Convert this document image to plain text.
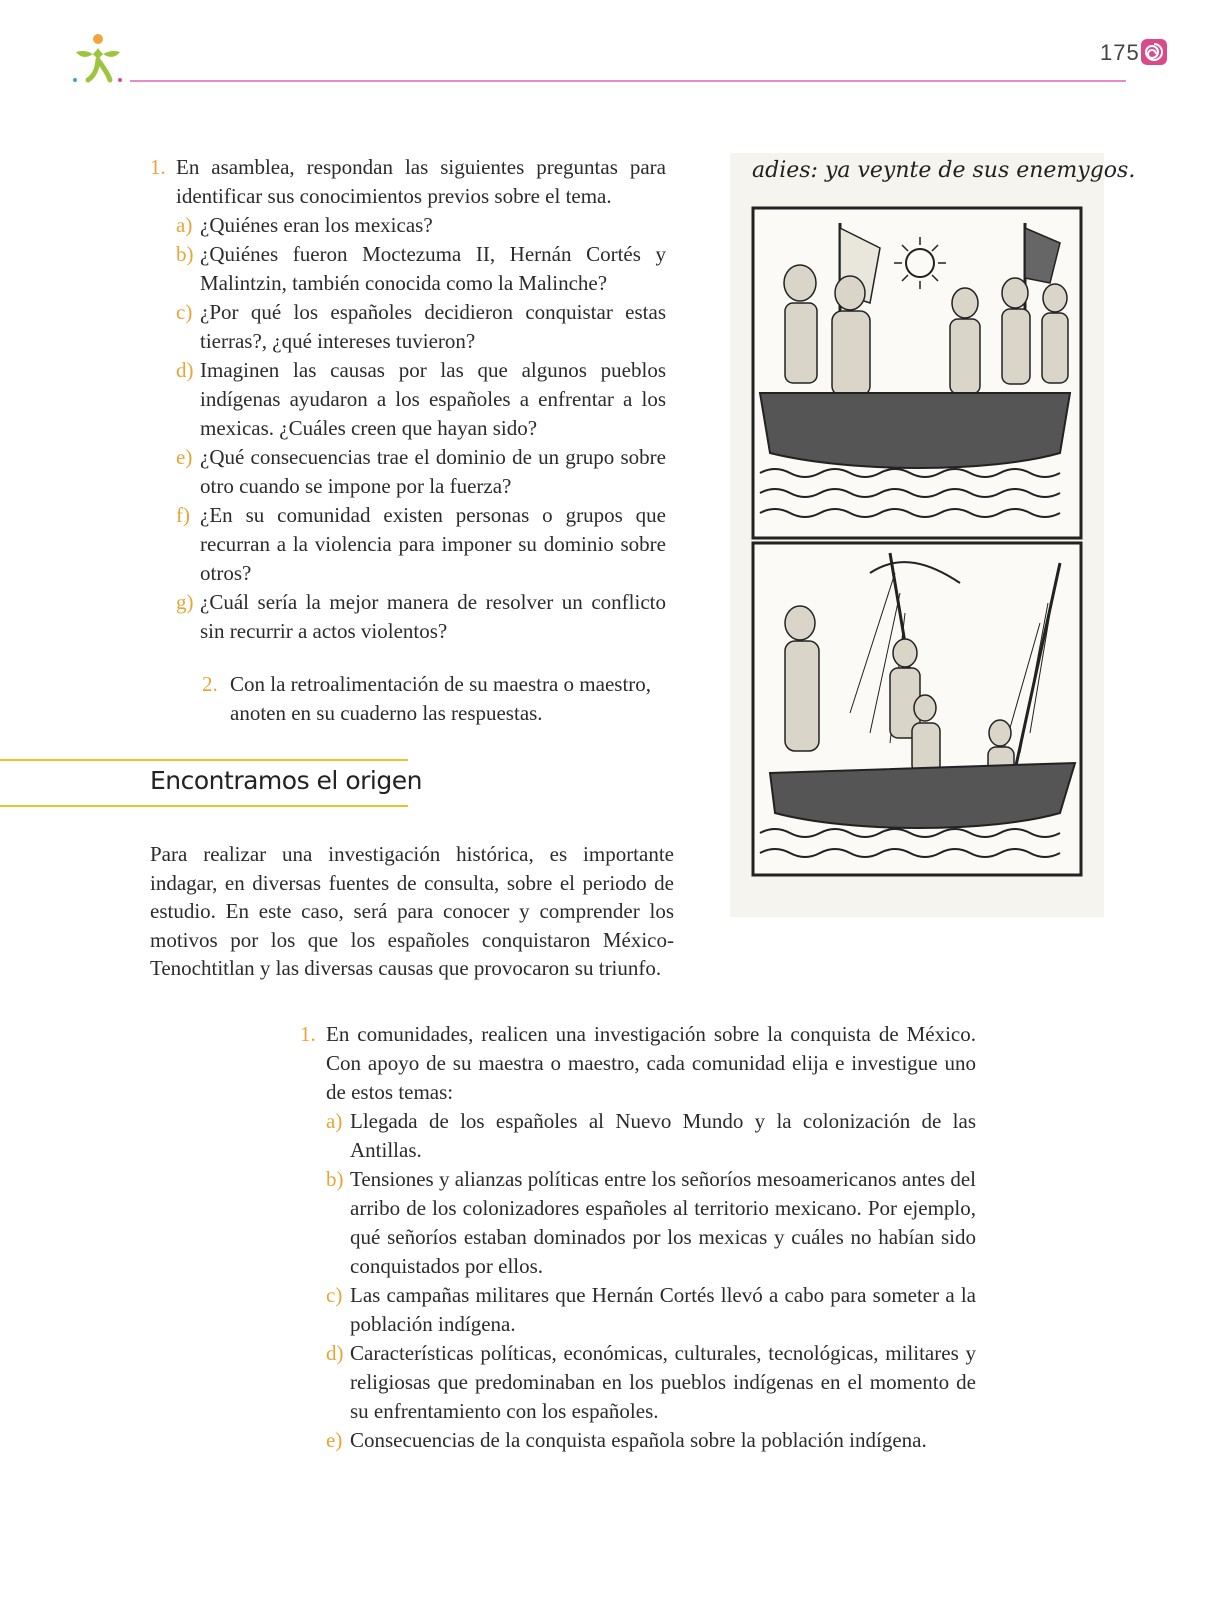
175
1. En asamblea, respondan las siguientes preguntas para identificar sus conocimientos previos sobre el tema.
a) ¿Quiénes eran los mexicas?
b) ¿Quiénes fueron Moctezuma II, Hernán Cortés y Malintzin, también conocida como la Malinche?
c) ¿Por qué los españoles decidieron conquistar estas tierras?, ¿qué intereses tuvieron?
d) Imaginen las causas por las que algunos pueblos indígenas ayudaron a los españoles a enfrentar a los mexicas. ¿Cuáles creen que hayan sido?
e) ¿Qué consecuencias trae el dominio de un grupo sobre otro cuando se impone por la fuerza?
f) ¿En su comunidad existen personas o grupos que recurran a la violencia para imponer su dominio sobre otros?
g) ¿Cuál sería la mejor manera de resolver un conflicto sin recurrir a actos violentos?
2. Con la retroalimentación de su maestra o maestro, anoten en su cuaderno las respuestas.
Encontramos el origen
Para realizar una investigación histórica, es importante indagar, en diversas fuentes de consulta, sobre el periodo de estudio. En este caso, será para conocer y comprender los motivos por los que los españoles conquistaron México-Tenochtitlan y las diversas causas que provocaron su triunfo.
adies: ya veynte de sus enemygos.
1. En comunidades, realicen una investigación sobre la conquista de México. Con apoyo de su maestra o maestro, cada comunidad elija e investigue uno de estos temas:
a) Llegada de los españoles al Nuevo Mundo y la colonización de las Antillas.
b) Tensiones y alianzas políticas entre los señoríos mesoamericanos antes del arribo de los colonizadores españoles al territorio mexicano. Por ejemplo, qué señoríos estaban dominados por los mexicas y cuáles no habían sido conquistados por ellos.
c) Las campañas militares que Hernán Cortés llevó a cabo para someter a la población indígena.
d) Características políticas, económicas, culturales, tecnológicas, militares y religiosas que predominaban en los pueblos indígenas en el momento de su enfrentamiento con los españoles.
e) Consecuencias de la conquista española sobre la población indígena.
